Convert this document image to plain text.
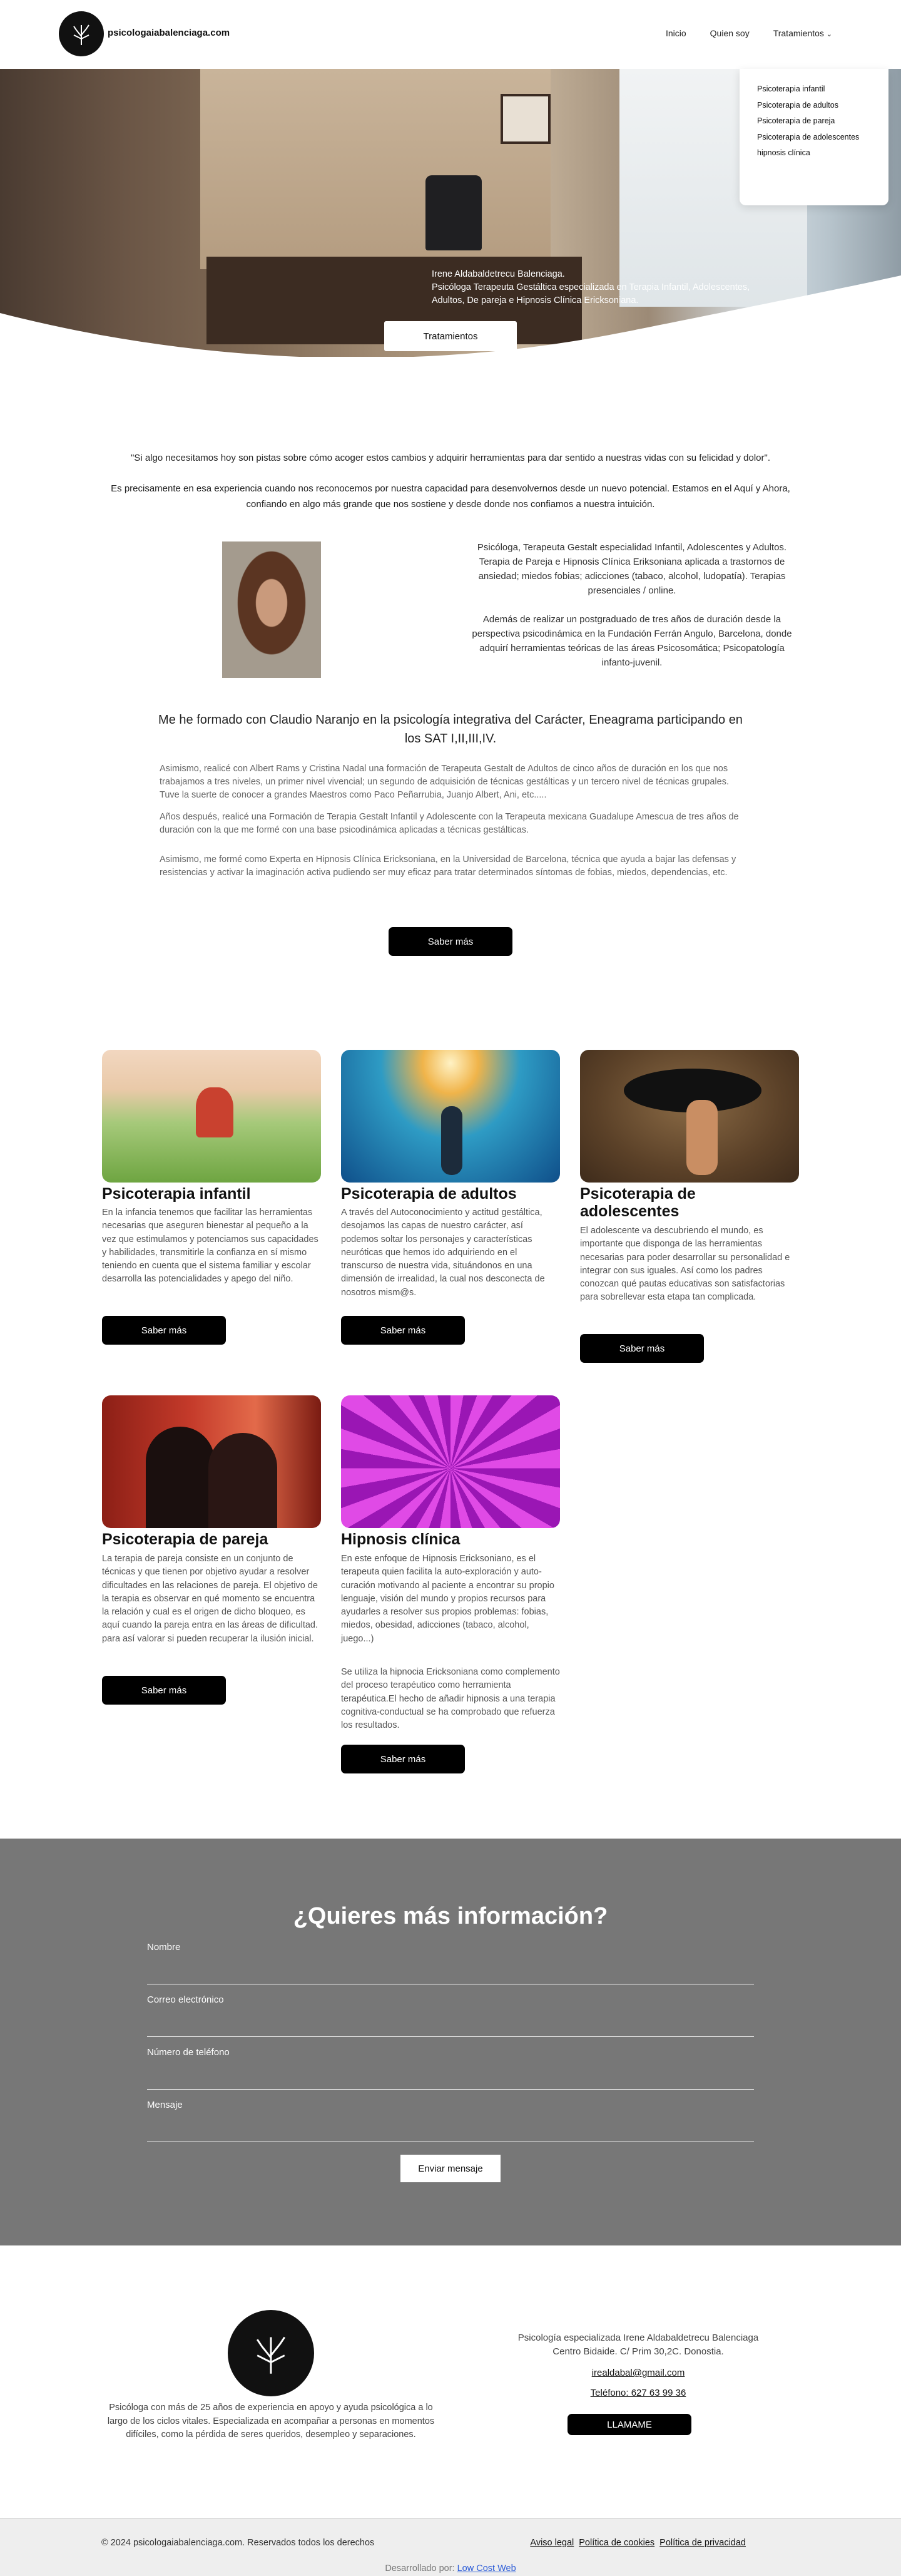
psicologaiabalenciaga.com	Inicio	Quien soy	Tratamientos ⌄
Psicoterapia infantil
Psicoterapia de adultos
Psicoterapia de pareja
Psicoterapia de adolescentes
hipnosis clínica
Irene Aldabaldetrecu Balenciaga.
Psicóloga Terapeuta Gestáltica especializada en Terapia Infantil, Adolescentes, Adultos, De pareja e Hipnosis Clínica Ericksoniana.
Tratamientos
"Si algo necesitamos hoy son pistas sobre cómo acoger estos cambios y adquirir herramientas para dar sentido a nuestras vidas con su felicidad y dolor".
Es precisamente en esa experiencia cuando nos reconocemos por nuestra capacidad para desenvolvernos desde un nuevo potencial. Estamos en el Aquí y Ahora, confiando en algo más grande que nos sostiene y desde donde nos confiamos a nuestra intuición.

Psicóloga, Terapeuta Gestalt especialidad Infantil, Adolescentes y Adultos. Terapia de Pareja e Hipnosis Clínica Eriksoniana aplicada a trastornos de ansiedad; miedos fobias; adicciones (tabaco, alcohol, ludopatía). Terapias presenciales / online.

Además de realizar un postgraduado de tres años de duración desde la perspectiva psicodinámica en la Fundación Ferrán Angulo, Barcelona, donde adquirí herramientas teóricas de las áreas Psicosomática; Psicopatología infanto-juvenil.

Me he formado con Claudio Naranjo en la psicología integrativa del Carácter, Eneagrama participando en los SAT I,II,III,IV.
Asimismo, realicé con Albert Rams y Cristina Nadal una formación de Terapeuta Gestalt de Adultos de cinco años de duración en los que nos trabajamos a tres niveles, un primer nivel vivencial; un segundo de adquisición de técnicas gestálticas y un tercero nivel de técnicas grupales. Tuve la suerte de conocer a grandes Maestros como Paco Peñarrubia, Juanjo Albert, Ani, etc.....
Años después, realicé una Formación de Terapia Gestalt Infantil y Adolescente con la Terapeuta mexicana Guadalupe Amescua de tres años de duración con la que me formé con una base psicodinámica aplicadas a técnicas gestálticas.
Asimismo, me formé como Experta en Hipnosis Clínica Ericksoniana, en la Universidad de Barcelona, técnica que ayuda a bajar las defensas y resistencias y activar la imaginación activa pudiendo ser muy eficaz para tratar determinados síntomas de fobias, miedos, dependencias, etc.
Saber más
Psicoterapia infantil
En la infancia tenemos que facilitar las herramientas necesarias que aseguren bienestar al pequeño a la vez que estimulamos y potenciamos sus capacidades y habilidades, transmitirle la confianza en sí mismo teniendo en cuenta que el sistema familiar y escolar desarrolla las potencialidades y apego del niño.
Saber más
Psicoterapia de adultos
A través del Autoconocimiento y actitud gestáltica, desojamos las capas de nuestro carácter, así podemos soltar los personajes y características neuróticas que hemos ido adquiriendo en el transcurso de nuestra vida, situándonos en una dimensión de irrealidad, la cual nos desconecta de nosotros mism@s.
Saber más
Psicoterapia de adolescentes
El adolescente va descubriendo el mundo, es importante que disponga de las herramientas necesarias para poder desarrollar su personalidad e integrar con sus iguales. Así como los padres conozcan qué pautas educativas son satisfactorias para sobrellevar esta etapa tan complicada.
Saber más
Psicoterapia de pareja
La terapia de pareja consiste en un conjunto de técnicas y que tienen por objetivo ayudar a resolver dificultades en las relaciones de pareja. El objetivo de la terapia es observar en qué momento se encuentra la relación y cual es el origen de dicho bloqueo, es aquí cuando la pareja entra en las áreas de dificultad. para así valorar si pueden recuperar la ilusión inicial.
Saber más
Hipnosis clínica
En este enfoque de Hipnosis Ericksoniano, es el terapeuta quien facilita la auto-exploración y auto-curación motivando al paciente a encontrar su propio lenguaje, visión del mundo y propios recursos para ayudarles a resolver sus propios problemas: fobias, miedos, obesidad, adicciones (tabaco, alcohol, juego...)
Se utiliza la hipnocia Ericksoniana como complemento del proceso terapéutico como herramienta terapéutica.El hecho de añadir hipnosis a una terapia cognitiva-conductual se ha comprobado que refuerza los resultados.
Saber más
¿Quieres más información?
Nombre
Correo electrónico
Número de teléfono
Mensaje
Enviar mensaje
Psicóloga con más de 25 años de experiencia en apoyo y ayuda psicológica a lo largo de los ciclos vitales. Especializada en acompañar a personas en momentos difíciles, como la pérdida de seres queridos, desempleo y separaciones.
Psicología especializada Irene Aldabaldetrecu Balenciaga
Centro Bidaide. C/ Prim 30,2C. Donostia.
irealdabal@gmail.com
Teléfono: 627 63 99 36
LLAMAME
© 2024 psicologaiabalenciaga.com. Reservados todos los derechos	Aviso legal Política de cookies Política de privacidad
Desarrollado por: Low Cost Web
